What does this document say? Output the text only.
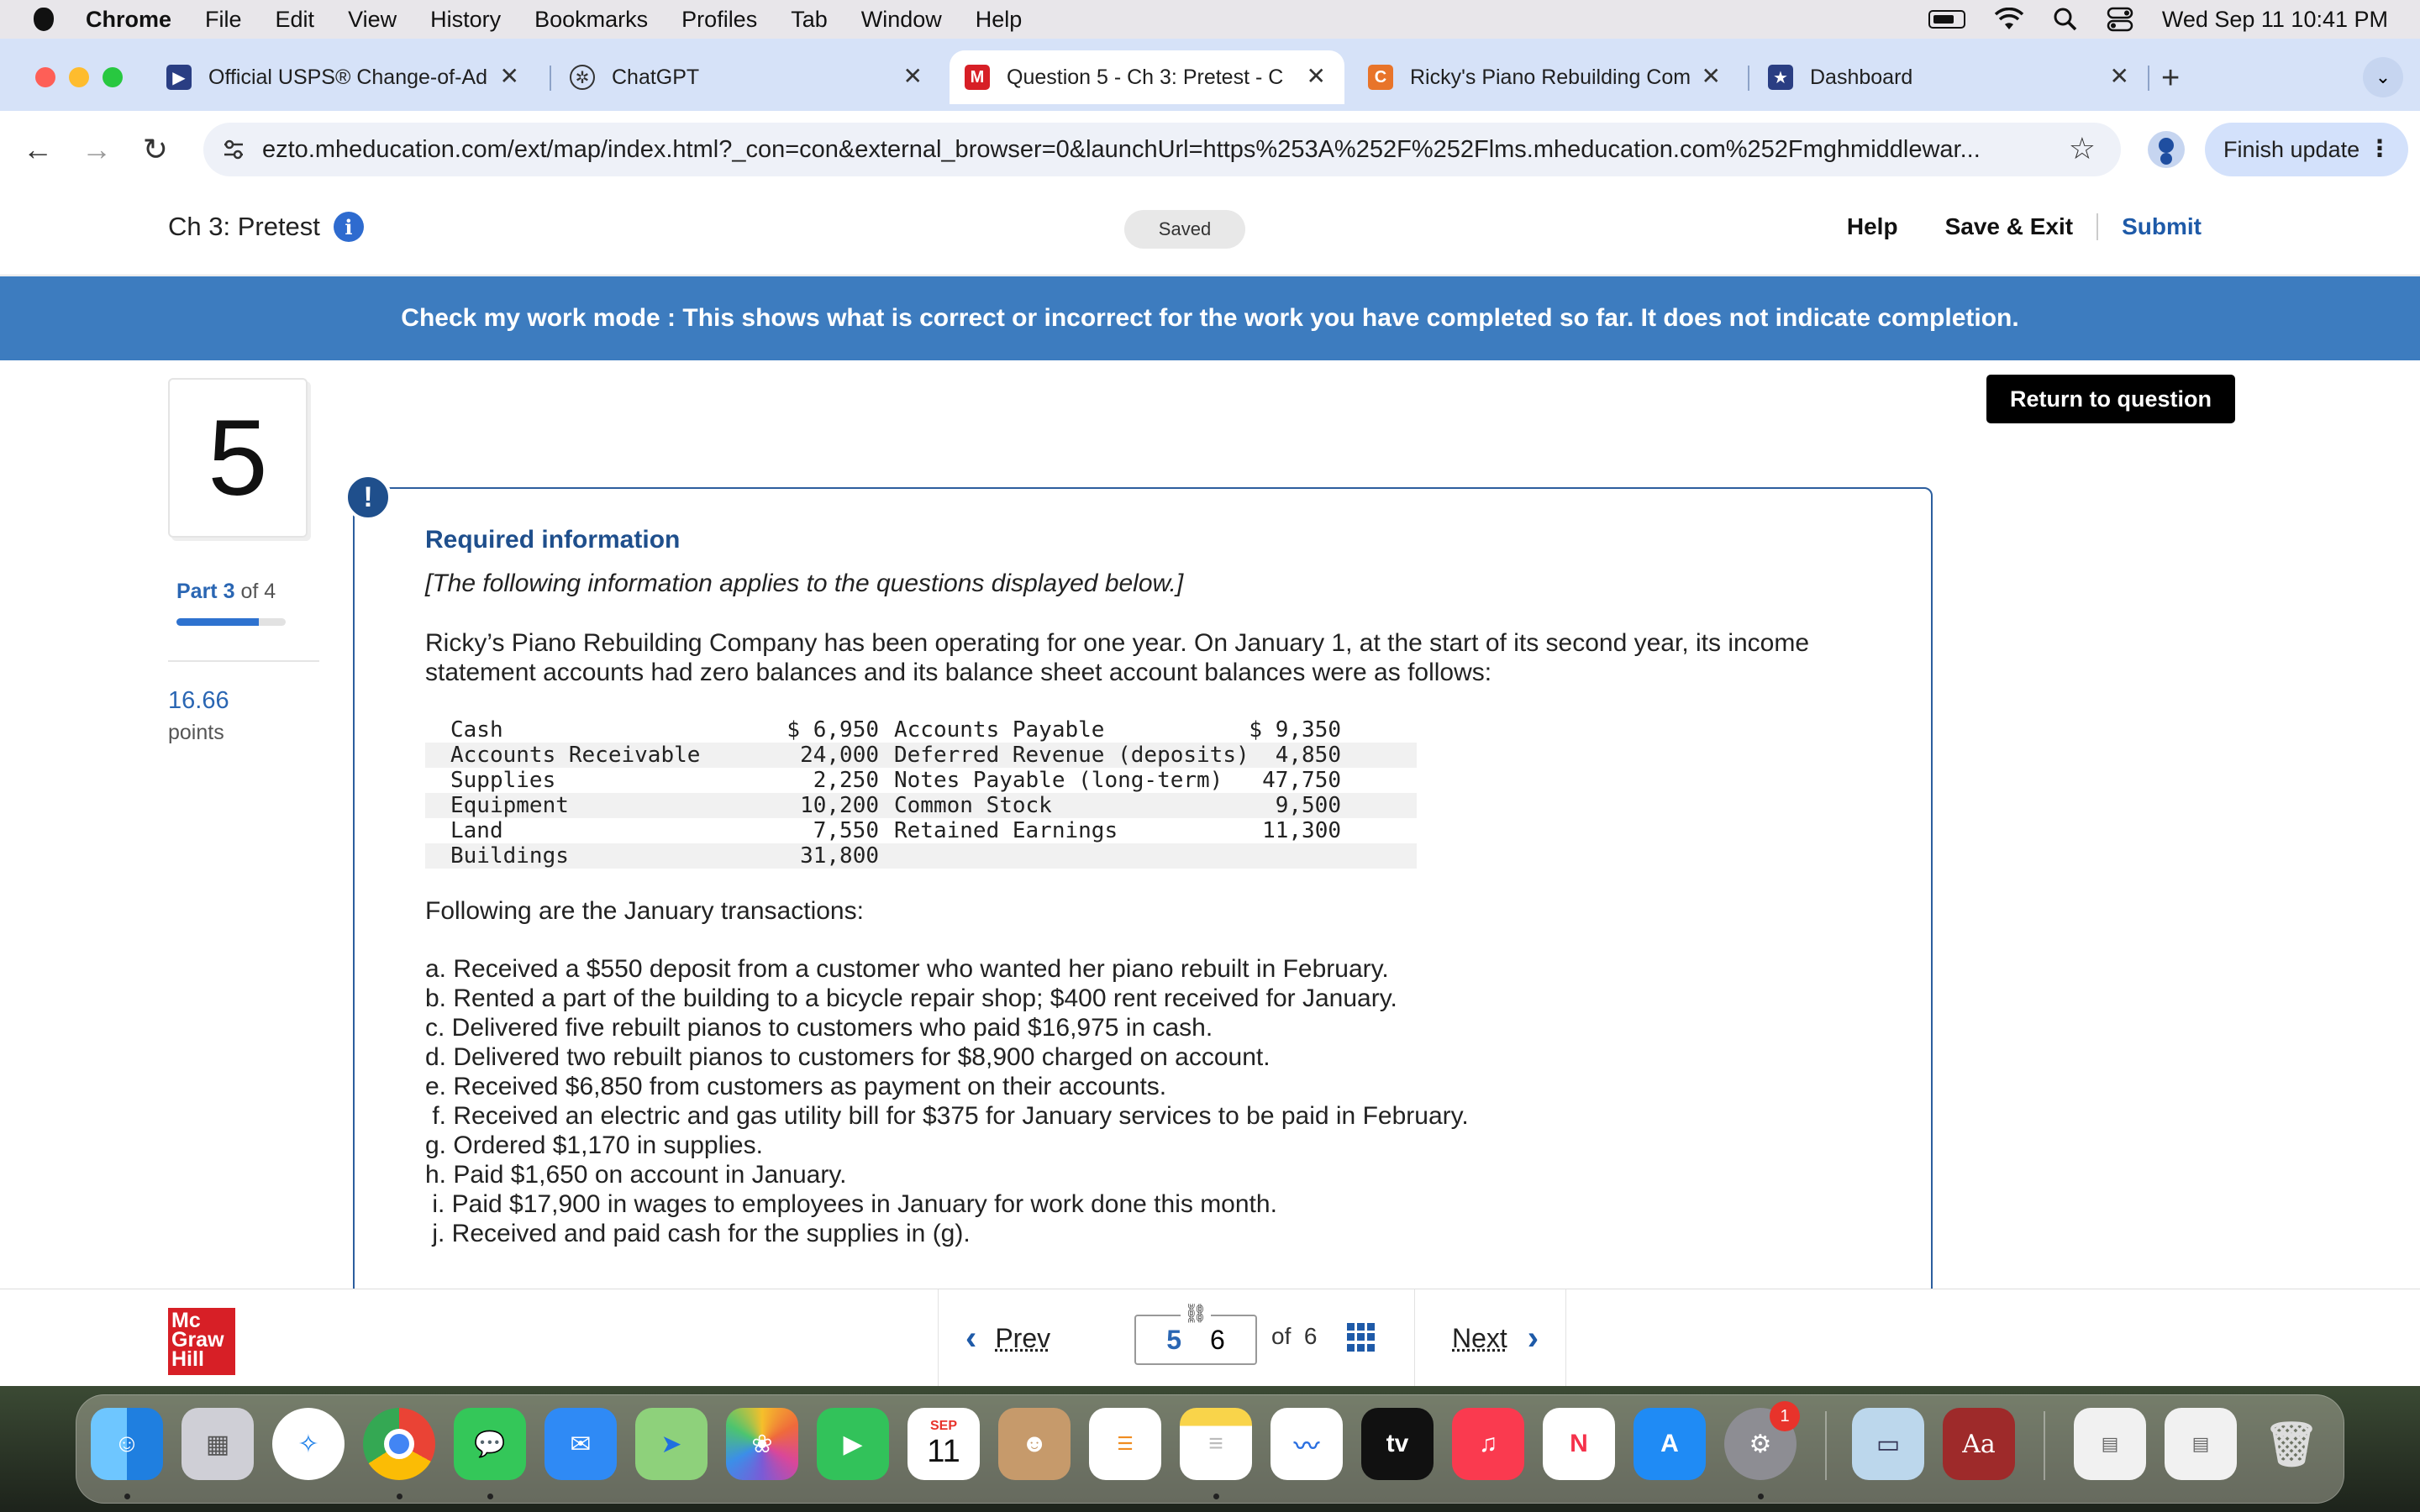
Chrome File Edit View History Bookmarks Profiles Tab Window Help	Wed Sep 11 10:41 PM
▶ Official USPS® Change-of-Ad ✕	✲ ChatGPT	✕	M Question 5 - Ch 3: Pretest - C ✕	C	Ricky's Piano Rebuilding Com ✕	★ Dashboard	✕ +	⌄
← →	↻	ezto.mheducation.com/ext/map/index.html?_con=con&external_browser=0&launchUrl=https%253A%252F%252Flms.mheducation.com%252Fmghmiddlewar...	☆	Finish update ⋮
Ch 3: Pretest	i	Saved	Help	Save & Exit	Submit
Check my work mode : This shows what is correct or incorrect for the work you have completed so far. It does not indicate completion.
5
Part 3 of 4
16.66
points
Return to question
!
Required information
[The following information applies to the questions displayed below.]
Ricky’s Piano Rebuilding Company has been operating for one year. On January 1, at the start of its second year, its income statement accounts had zero balances and its balance sheet account balances were as follows:
Cash	$ 6,950 Accounts Payable	$ 9,350
Accounts Receivable	24,000 Deferred Revenue (deposits)	4,850
Supplies	2,250 Notes Payable (long-term)	47,750
Equipment	10,200 Common Stock	9,500
Land	7,550 Retained Earnings	11,300
Buildings	31,800
Following are the January transactions:
a. Received a $550 deposit from a customer who wanted her piano rebuilt in February.
b. Rented a part of the building to a bicycle repair shop; $400 rent received for January.
c. Delivered five rebuilt pianos to customers who paid $16,975 in cash.
d. Delivered two rebuilt pianos to customers for $8,900 charged on account.
e. Received $6,850 from customers as payment on their accounts.
f. Received an electric and gas utility bill for $375 for January services to be paid in February.
g. Ordered $1,170 in supplies.
h. Paid $1,650 on account in January.
i. Paid $17,900 in wages to employees in January for work done this month.
j. Received and paid cash for the supplies in (g).
Mc Graw Hill
‹ Prev	5 6
⛓
of 6	Next ›
☺	▦	✧	💬	✉	➤	❀	▶
SEP
11	☻	☰	≡	〰	tv	♫	N	A	⚙
1
▭	Aa	▤	▤	🗑
